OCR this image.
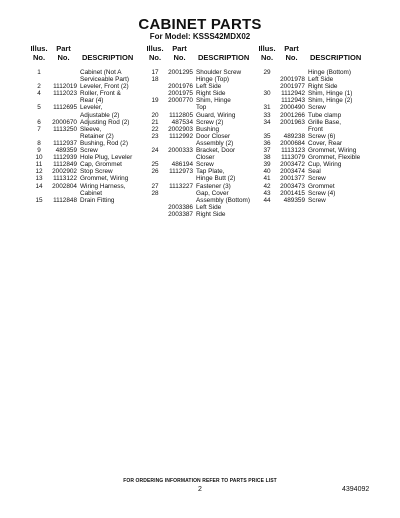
CABINET PARTS
For Model: KSSS42MDX02
Illus.
No.
Part
No.
	DESCRIPTION
1	Cabinet (Not A
Serviceable Part)
2	1112019 Leveler, Front (2)
4	1112023 Roller, Front &
Rear (4)
5	1112695 Leveler,
Adjustable (2)
6	2000670 Adjusting Rod (2)
7	1113250 Sleeve,
Retainer (2)
8	1112937 Bushing, Rod (2)
9	489359 Screw
10	1112939 Hole Plug, Leveler
11	1112849 Cap, Grommet
12	2002902 Stop Screw
13	1113122 Grommet, Wiring
14	2002804 Wiring Harness,
Cabinet
15	1112848 Drain Fitting
Illus.
No.
Part
No.
	DESCRIPTION
17	2001295 Shoulder Screw
18	Hinge (Top)
2001976 Left Side
2001975 Right Side
19	2000770 Shim, Hinge
Top
20	1112805 Guard, Wiring
21	487534 Screw (2)
22	2002903 Bushing
23	1112992 Door Closer
Assembly (2)
24	2000333 Bracket, Door
Closer
25	486194 Screw
26	1112973 Tap Plate,
Hinge Butt (2)
27	1113227 Fastener (3)
28	Gap, Cover
Assembly (Bottom)
2003386 Left Side
2003387 Right Side
Illus.
No.
Part
No.
	DESCRIPTION
29	Hinge (Bottom)
2001978 Left Side
2001977 Right Side
30	1112942 Shim, Hinge (1)
1112943 Shim, Hinge (2)
31	2000490 Screw
33	2001266 Tube clamp
34	2001963 Grille Base,
Front
35	489238 Screw (6)
36	2000684 Cover, Rear
37	1113123 Grommet, Wiring
38	1113079 Grommet, Flexible
39	2003472 Cup, Wiring
40	2003474 Seal
41	2001377 Screw
42	2003473 Grommet
43	2001415 Screw (4)
44	489359 Screw
FOR ORDERING INFORMATION REFER TO PARTS PRICE LIST
2	4394092
